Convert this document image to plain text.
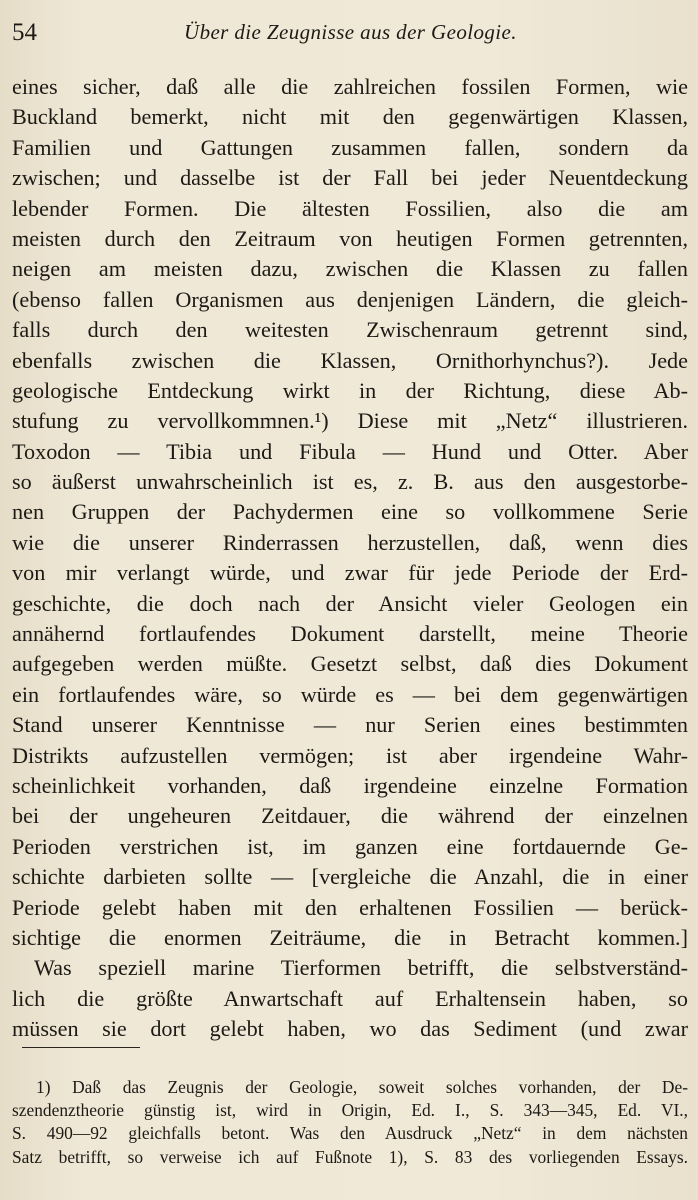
54	Über die Zeugnisse aus der Geologie.
eines sicher, daß alle die zahlreichen fossilen Formen, wie
Buckland bemerkt, nicht mit den gegenwärtigen Klassen,
Familien und Gattungen zusammen fallen, sondern da
zwischen; und dasselbe ist der Fall bei jeder Neuentdeckung
lebender Formen. Die ältesten Fossilien, also die am
meisten durch den Zeitraum von heutigen Formen getrennten,
neigen am meisten dazu, zwischen die Klassen zu fallen
(ebenso fallen Organismen aus denjenigen Ländern, die gleich-
falls durch den weitesten Zwischenraum getrennt sind,
ebenfalls zwischen die Klassen, Ornithorhynchus?). Jede
geologische Entdeckung wirkt in der Richtung, diese Ab-
stufung zu vervollkommnen.¹) Diese mit „Netz“ illustrieren.
Toxodon — Tibia und Fibula — Hund und Otter. Aber
so äußerst unwahrscheinlich ist es, z. B. aus den ausgestorbe-
nen Gruppen der Pachydermen eine so vollkommene Serie
wie die unserer Rinderrassen herzustellen, daß, wenn dies
von mir verlangt würde, und zwar für jede Periode der Erd-
geschichte, die doch nach der Ansicht vieler Geologen ein
annähernd fortlaufendes Dokument darstellt, meine Theorie
aufgegeben werden müßte. Gesetzt selbst, daß dies Dokument
ein fortlaufendes wäre, so würde es — bei dem gegenwärtigen
Stand unserer Kenntnisse — nur Serien eines bestimmten
Distrikts aufzustellen vermögen; ist aber irgendeine Wahr-
scheinlichkeit vorhanden, daß irgendeine einzelne Formation
bei der ungeheuren Zeitdauer, die während der einzelnen
Perioden verstrichen ist, im ganzen eine fortdauernde Ge-
schichte darbieten sollte — [vergleiche die Anzahl, die in einer
Periode gelebt haben mit den erhaltenen Fossilien — berück-
sichtige die enormen Zeiträume, die in Betracht kommen.]
Was speziell marine Tierformen betrifft, die selbstverständ-
lich die größte Anwartschaft auf Erhaltensein haben, so
müssen sie dort gelebt haben, wo das Sediment (und zwar
1) Daß das Zeugnis der Geologie, soweit solches vorhanden, der De-
szendenztheorie günstig ist, wird in Origin, Ed. I., S. 343—345, Ed. VI.,
S. 490—92 gleichfalls betont. Was den Ausdruck „Netz“ in dem nächsten
Satz betrifft, so verweise ich auf Fußnote 1), S. 83 des vorliegenden Essays.
